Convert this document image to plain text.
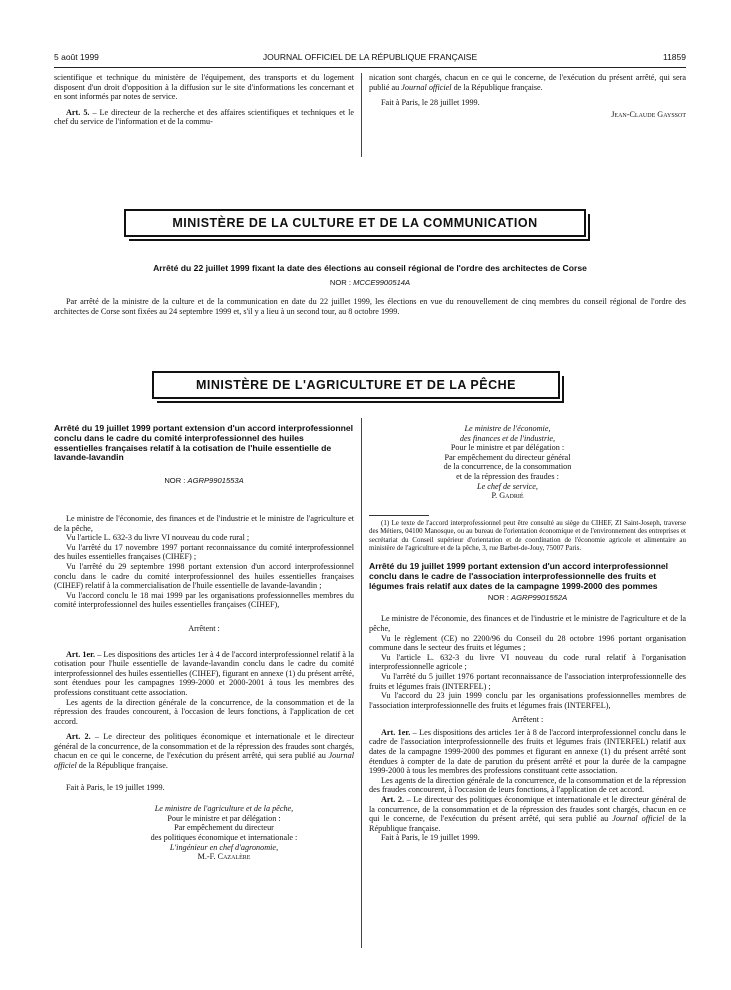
5 août 1999	JOURNAL OFFICIEL DE LA RÉPUBLIQUE FRANÇAISE	11859

scientifique et technique du ministère de l'équipement, des transports et du logement disposent d'un droit d'opposition à la diffusion sur le site d'informations les concernant et en sont informés par notes de service.

Art. 5. – Le directeur de la recherche et des affaires scientifiques et techniques et le chef du service de l'information et de la commu-

nication sont chargés, chacun en ce qui le concerne, de l'exécution du présent arrêté, qui sera publié au Journal officiel de la République française.

Fait à Paris, le 28 juillet 1999.

Jean-Claude Gayssot

MINISTÈRE DE LA CULTURE ET DE LA COMMUNICATION
Arrêté du 22 juillet 1999 fixant la date des élections au conseil régional de l'ordre des architectes de Corse
NOR : MCCE9900514A

Par arrêté de la ministre de la culture et de la communication en date du 22 juillet 1999, les élections en vue du renouvellement de cinq membres du conseil régional de l'ordre des architectes de Corse sont fixées au 24 septembre 1999 et, s'il y a lieu à un second tour, au 8 octobre 1999.

MINISTÈRE DE L'AGRICULTURE ET DE LA PÊCHE
Arrêté du 19 juillet 1999 portant extension d'un accord interprofessionnel conclu dans le cadre du comité interprofessionnel des huiles essentielles françaises relatif à la cotisation de l'huile essentielle de lavande-lavandin
NOR : AGRP9901553A

Le ministre de l'économie, des finances et de l'industrie et le ministre de l'agriculture et de la pêche,

Vu l'article L. 632-3 du livre VI nouveau du code rural ;

Vu l'arrêté du 17 novembre 1997 portant reconnaissance du comité interprofessionnel des huiles essentielles françaises (CIHEF) ;

Vu l'arrêté du 29 septembre 1998 portant extension d'un accord interprofessionnel conclu dans le cadre du comité interprofessionnel des huiles essentielles françaises (CIHEF) relatif à la commercialisation de l'huile essentielle de lavande-lavandin ;

Vu l'accord conclu le 18 mai 1999 par les organisations professionnelles membres du comité interprofessionnel des huiles essentielles françaises (CIHEF),

Arrêtent :

Art. 1er. – Les dispositions des articles 1er à 4 de l'accord interprofessionnel relatif à la cotisation pour l'huile essentielle de lavande-lavandin conclu dans le cadre du comité interprofessionnel des huiles essentielles (CIHEF), figurant en annexe (1) du présent arrêté, sont étendues pour les campagnes 1999-2000 et 2000-2001 à tous les membres des professions constituant cette association.

Les agents de la direction générale de la concurrence, de la consommation et de la répression des fraudes concourent, à l'occasion de leurs fonctions, à l'application de cet accord.

Art. 2. – Le directeur des politiques économique et internationale et le directeur général de la concurrence, de la consommation et de la répression des fraudes sont chargés, chacun en ce qui le concerne, de l'exécution du présent arrêté, qui sera publié au Journal officiel de la République française.

Fait à Paris, le 19 juillet 1999.

Le ministre de l'agriculture et de la pêche,
Pour le ministre et par délégation :
Par empêchement du directeur
des politiques économique et internationale :
L'ingénieur en chef d'agronomie,
M.-F. Cazalère
Le ministre de l'économie,
des finances et de l'industrie,
Pour le ministre et par délégation :
Par empêchement du directeur général
de la concurrence, de la consommation
et de la répression des fraudes :
Le chef de service,
P. Gadrié

(1) Le texte de l'accord interprofessionnel peut être consulté au siège du CIHEF, ZI Saint-Joseph, traverse des Métiers, 04100 Manosque, ou au bureau de l'orientation économique et de l'environnement des entreprises et secrétariat du Conseil supérieur d'orientation et de coordination de l'économie agricole et alimentaire au ministère de l'agriculture et de la pêche, 3, rue Barbet-de-Jouy, 75007 Paris.

Arrêté du 19 juillet 1999 portant extension d'un accord interprofessionnel conclu dans le cadre de l'association interprofessionnelle des fruits et légumes frais relatif aux dates de la campagne 1999-2000 des pommes
NOR : AGRP9901552A

Le ministre de l'économie, des finances et de l'industrie et le ministre de l'agriculture et de la pêche,

Vu le règlement (CE) no 2200/96 du Conseil du 28 octobre 1996 portant organisation commune dans le secteur des fruits et légumes ;

Vu l'article L. 632-3 du livre VI nouveau du code rural relatif à l'organisation interprofessionnelle agricole ;

Vu l'arrêté du 5 juillet 1976 portant reconnaissance de l'association interprofessionnelle des fruits et légumes frais (INTERFEL) ;

Vu l'accord du 23 juin 1999 conclu par les organisations professionnelles membres de l'association interprofessionnelle des fruits et légumes frais (INTERFEL),

Arrêtent :

Art. 1er. – Les dispositions des articles 1er à 8 de l'accord interprofessionnel conclu dans le cadre de l'association interprofessionnelle des fruits et légumes frais (INTERFEL) relatif aux dates de la campagne 1999-2000 des pommes et figurant en annexe (1) du présent arrêté sont étendues à compter de la date de parution du présent arrêté et pour la durée de la campagne 1999-2000 à tous les membres des professions constituant cette association.

Les agents de la direction générale de la concurrence, de la consommation et de la répression des fraudes concourent, à l'occasion de leurs fonctions, à l'application de cet accord.

Art. 2. – Le directeur des politiques économique et internationale et le directeur général de la concurrence, de la consommation et de la répression des fraudes sont chargés, chacun en ce qui le concerne, de l'exécution du présent arrêté, qui sera publié au Journal officiel de la République française.

Fait à Paris, le 19 juillet 1999.
